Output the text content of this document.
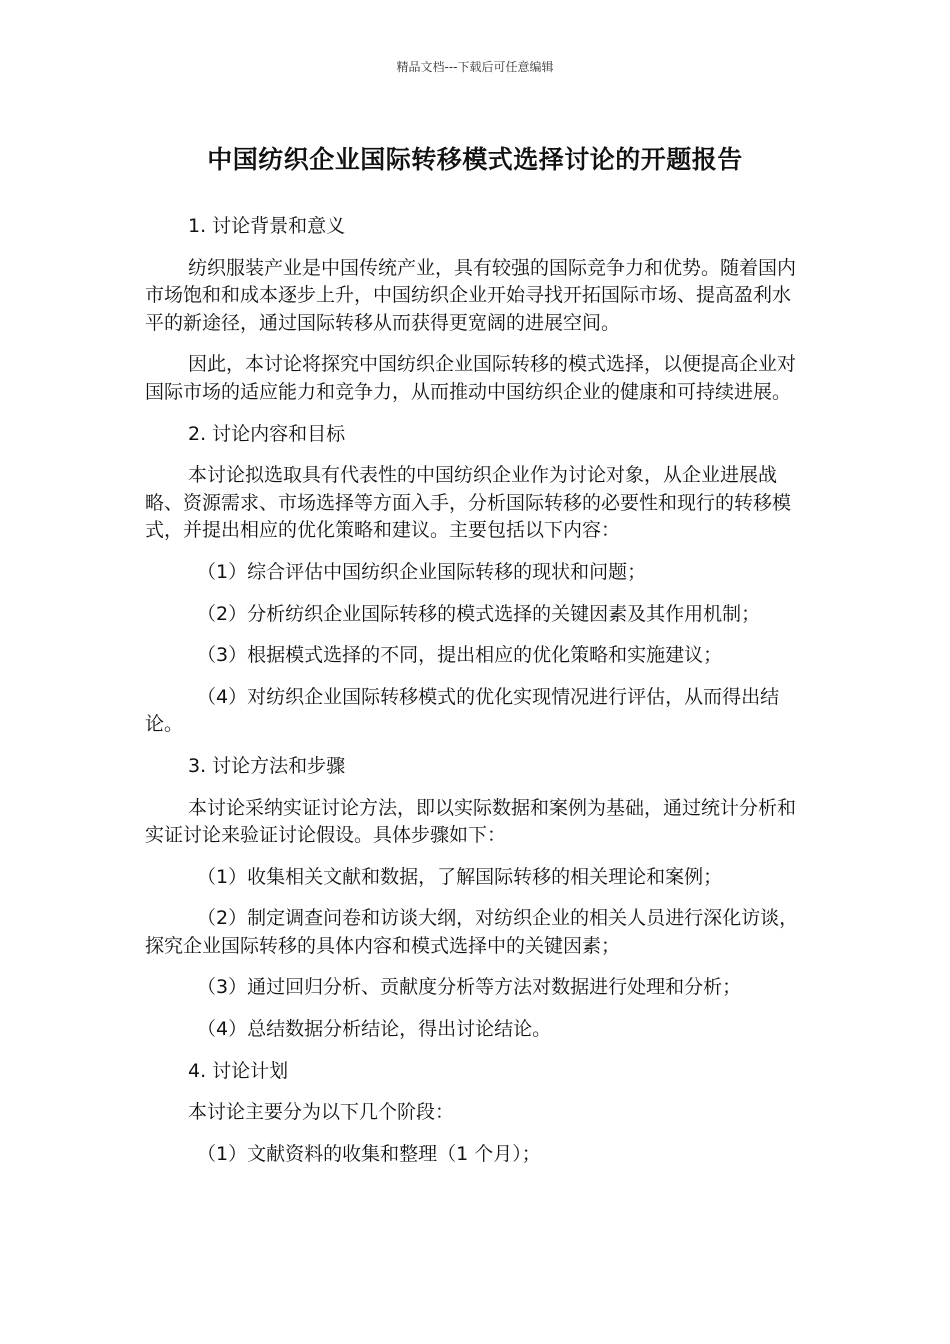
精品文档---下载后可任意编辑
中国纺织企业国际转移模式选择讨论的开题报告

1. 讨论背景和意义

纺织服装产业是中国传统产业，具有较强的国际竞争力和优势。随着国内市场饱和和成本逐步上升，中国纺织企业开始寻找开拓国际市场、提高盈利水平的新途径，通过国际转移从而获得更宽阔的进展空间。

因此，本讨论将探究中国纺织企业国际转移的模式选择，以便提高企业对国际市场的适应能力和竞争力，从而推动中国纺织企业的健康和可持续进展。

2. 讨论内容和目标

本讨论拟选取具有代表性的中国纺织企业作为讨论对象，从企业进展战略、资源需求、市场选择等方面入手，分析国际转移的必要性和现行的转移模式，并提出相应的优化策略和建议。主要包括以下内容：

（1）综合评估中国纺织企业国际转移的现状和问题；

（2）分析纺织企业国际转移的模式选择的关键因素及其作用机制；

（3）根据模式选择的不同，提出相应的优化策略和实施建议；

（4）对纺织企业国际转移模式的优化实现情况进行评估，从而得出结论。

3. 讨论方法和步骤

本讨论采纳实证讨论方法，即以实际数据和案例为基础，通过统计分析和实证讨论来验证讨论假设。具体步骤如下：

（1）收集相关文献和数据，了解国际转移的相关理论和案例；

（2）制定调查问卷和访谈大纲，对纺织企业的相关人员进行深化访谈，探究企业国际转移的具体内容和模式选择中的关键因素；

（3）通过回归分析、贡献度分析等方法对数据进行处理和分析；

（4）总结数据分析结论，得出讨论结论。

4. 讨论计划

本讨论主要分为以下几个阶段：

（1）文献资料的收集和整理（1 个月）；
